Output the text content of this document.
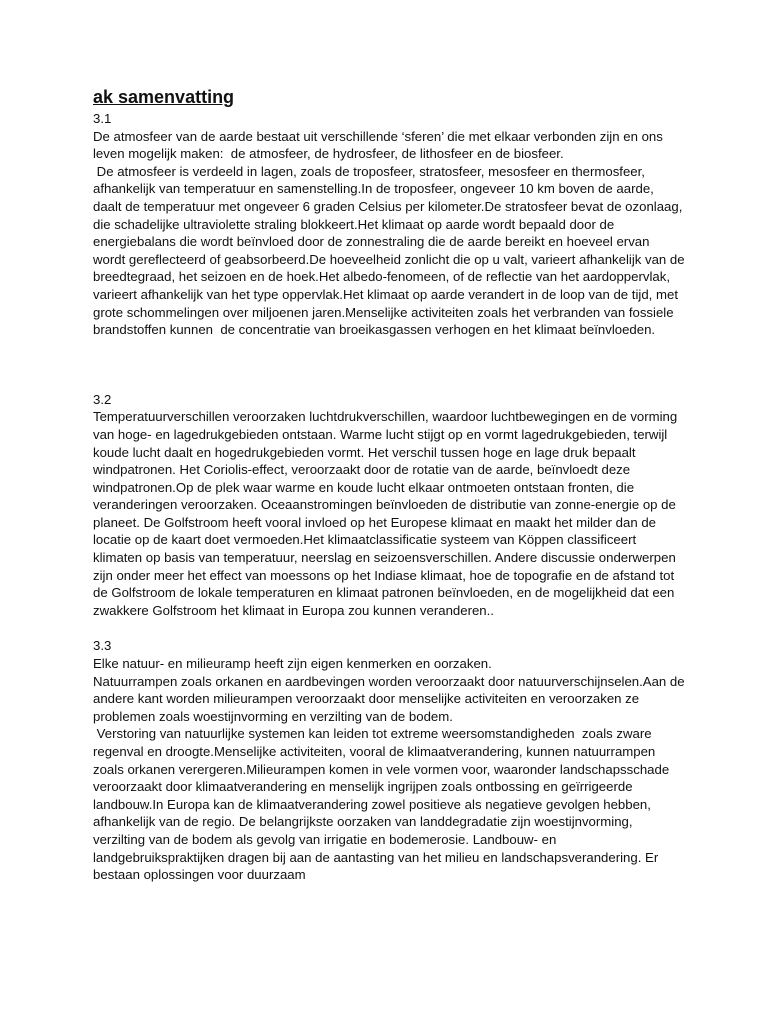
ak samenvatting

3.1

De atmosfeer van de aarde bestaat uit verschillende ‘sferen’ die met elkaar verbonden zijn en ons leven mogelijk maken:  de atmosfeer, de hydrosfeer, de lithosfeer en de biosfeer.

De atmosfeer is verdeeld in lagen, zoals de troposfeer, stratosfeer, mesosfeer en thermosfeer, afhankelijk van temperatuur en samenstelling.In de troposfeer, ongeveer 10 km boven de aarde, daalt de temperatuur met ongeveer 6 graden Celsius per kilometer.De stratosfeer bevat de ozonlaag, die schadelijke ultraviolette straling blokkeert.Het klimaat op aarde wordt bepaald door de energiebalans die wordt beïnvloed door de zonnestraling die de aarde bereikt en hoeveel ervan wordt gereflecteerd of geabsorbeerd.De hoeveelheid zonlicht die op u valt, varieert afhankelijk van de breedtegraad, het seizoen en de hoek.Het albedo-fenomeen, of de reflectie van het aardoppervlak, varieert afhankelijk van het type oppervlak.Het klimaat op aarde verandert in de loop van de tijd, met grote schommelingen over miljoenen jaren.Menselijke activiteiten zoals het verbranden van fossiele brandstoffen kunnen  de concentratie van broeikasgassen verhogen en het klimaat beïnvloeden.

3.2

Temperatuurverschillen veroorzaken luchtdrukverschillen, waardoor luchtbewegingen en de vorming van hoge- en lagedrukgebieden ontstaan. Warme lucht stijgt op en vormt lagedrukgebieden, terwijl koude lucht daalt en hogedrukgebieden vormt. Het verschil tussen hoge en lage druk bepaalt windpatronen. Het Coriolis-effect, veroorzaakt door de rotatie van de aarde, beïnvloedt deze windpatronen.Op de plek waar warme en koude lucht elkaar ontmoeten ontstaan fronten, die veranderingen veroorzaken. Oceaanstromingen beïnvloeden de distributie van zonne-energie op de planeet. De Golfstroom heeft vooral invloed op het Europese klimaat en maakt het milder dan de locatie op de kaart doet vermoeden.Het klimaatclassificatie systeem van Köppen classificeert klimaten op basis van temperatuur, neerslag en seizoensverschillen. Andere discussie onderwerpen zijn onder meer het effect van moessons op het Indiase klimaat, hoe de topografie en de afstand tot de Golfstroom de lokale temperaturen en klimaat patronen beïnvloeden, en de mogelijkheid dat een zwakkere Golfstroom het klimaat in Europa zou kunnen veranderen..

3.3

Elke natuur- en milieuramp heeft zijn eigen kenmerken en oorzaken.

Natuurrampen zoals orkanen en aardbevingen worden veroorzaakt door natuurverschijnselen.Aan de andere kant worden milieurampen veroorzaakt door menselijke activiteiten en veroorzaken ze problemen zoals woestijnvorming en verzilting van de bodem.

Verstoring van natuurlijke systemen kan leiden tot extreme weersomstandigheden  zoals zware regenval en droogte.Menselijke activiteiten, vooral de klimaatverandering, kunnen natuurrampen zoals orkanen verergeren.Milieurampen komen in vele vormen voor, waaronder landschapsschade veroorzaakt door klimaatverandering en menselijk ingrijpen zoals ontbossing en geïrrigeerde landbouw.In Europa kan de klimaatverandering zowel positieve als negatieve gevolgen hebben, afhankelijk van de regio. De belangrijkste oorzaken van landdegradatie zijn woestijnvorming, verzilting van de bodem als gevolg van irrigatie en bodemerosie. Landbouw- en landgebruikspraktijken dragen bij aan de aantasting van het milieu en landschapsverandering. Er bestaan oplossingen voor duurzaam
